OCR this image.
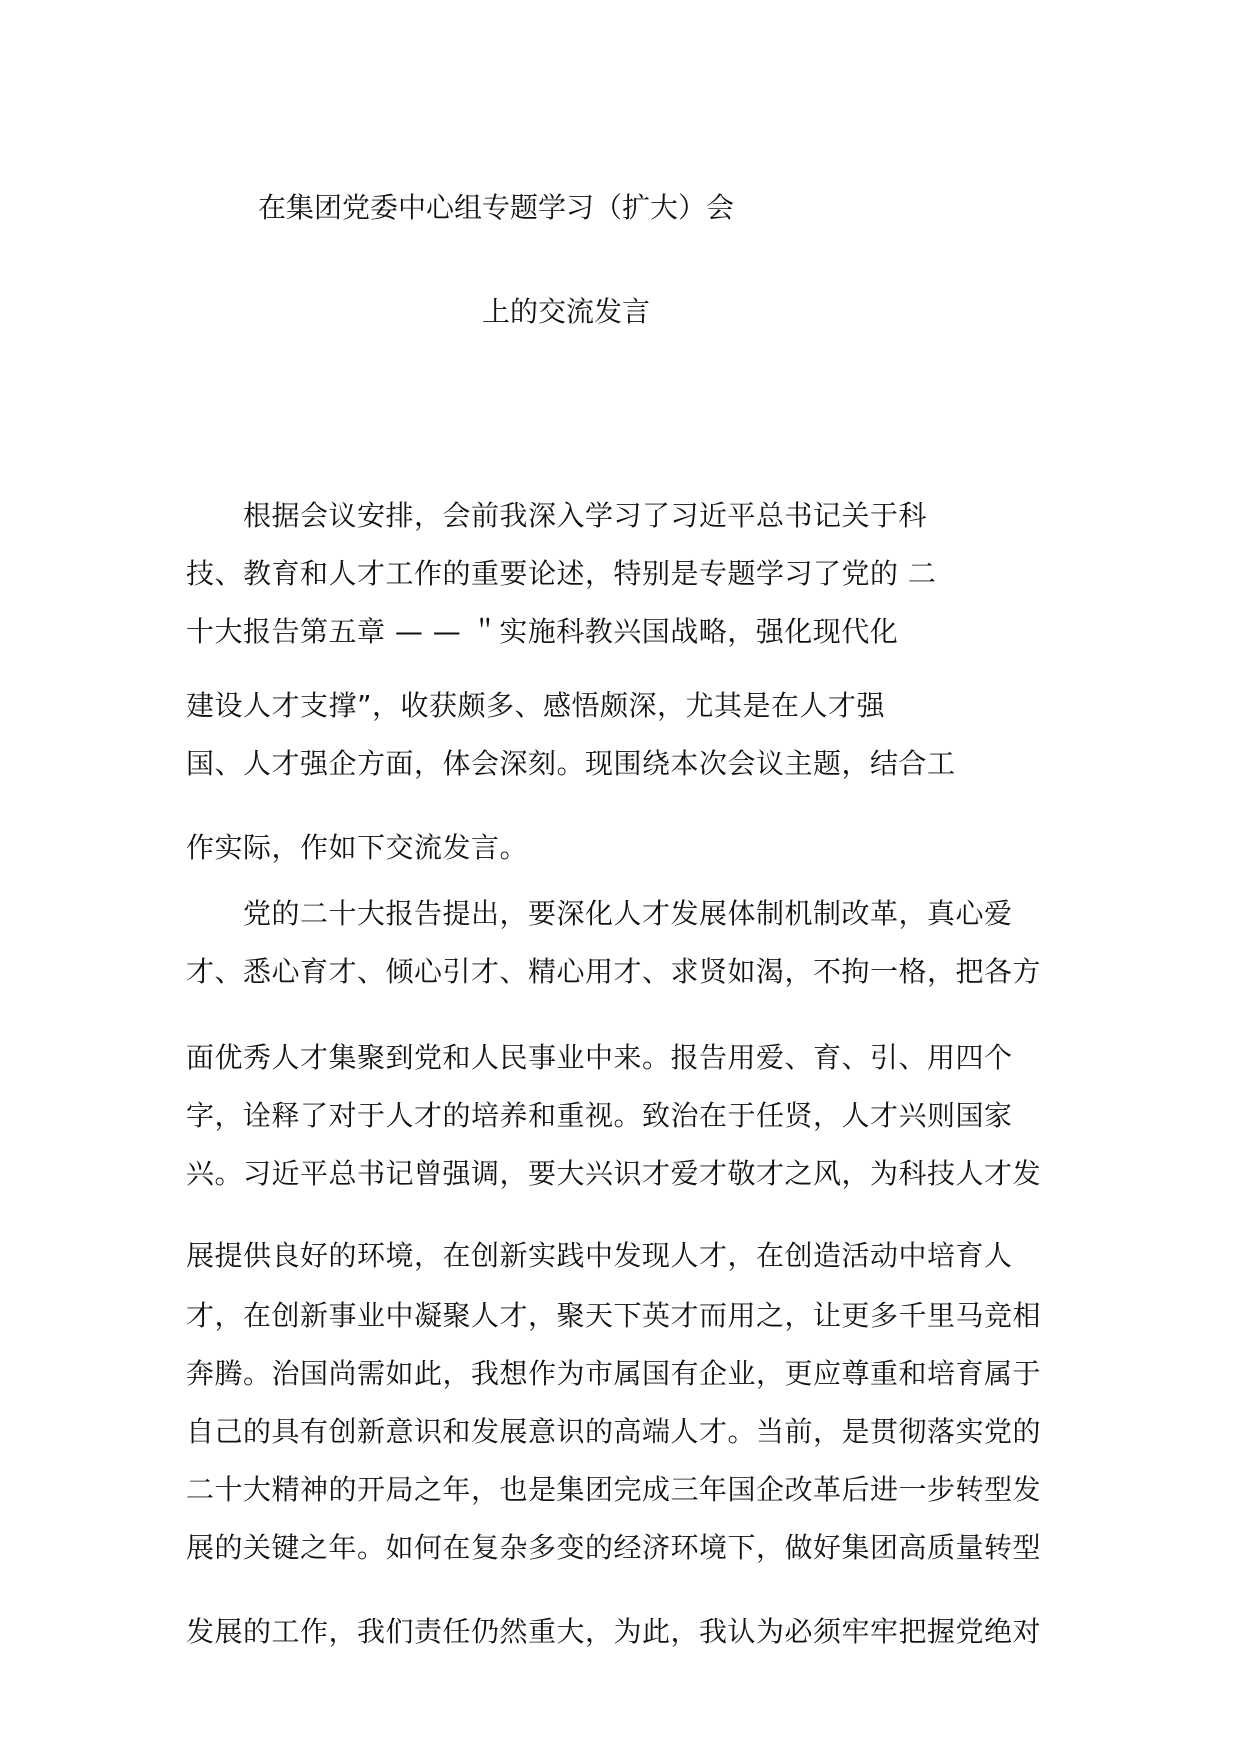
在集团党委中心组专题学习（扩大）会
上的交流发言
　　根据会议安排，会前我深入学习了习近平总书记关于科
技、教育和人才工作的重要论述，特别是专题学习了党的 二
十大报告第五章 — — ＂实施科教兴国战略，强化现代化
建设人才支撑”，收获颇多、感悟颇深，尤其是在人才强
国、人才强企方面，体会深刻。现围绕本次会议主题，结合工
作实际，作如下交流发言。
　　党的二十大报告提出，要深化人才发展体制机制改革，真心爱
才、悉心育才、倾心引才、精心用才、求贤如渴，不拘一格，把各方
面优秀人才集聚到党和人民事业中来。报告用爱、育、引、用四个
字，诠释了对于人才的培养和重视。致治在于任贤，人才兴则国家
兴。习近平总书记曾强调，要大兴识才爱才敬才之风，为科技人才发
展提供良好的环境，在创新实践中发现人才，在创造活动中培育人
才，在创新事业中凝聚人才，聚天下英才而用之，让更多千里马竞相
奔腾。治国尚需如此，我想作为市属国有企业，更应尊重和培育属于
自己的具有创新意识和发展意识的高端人才。当前，是贯彻落实党的
二十大精神的开局之年，也是集团完成三年国企改革后进一步转型发
展的关键之年。如何在复杂多变的经济环境下，做好集团高质量转型
发展的工作，我们责任仍然重大，为此，我认为必须牢牢把握党绝对
